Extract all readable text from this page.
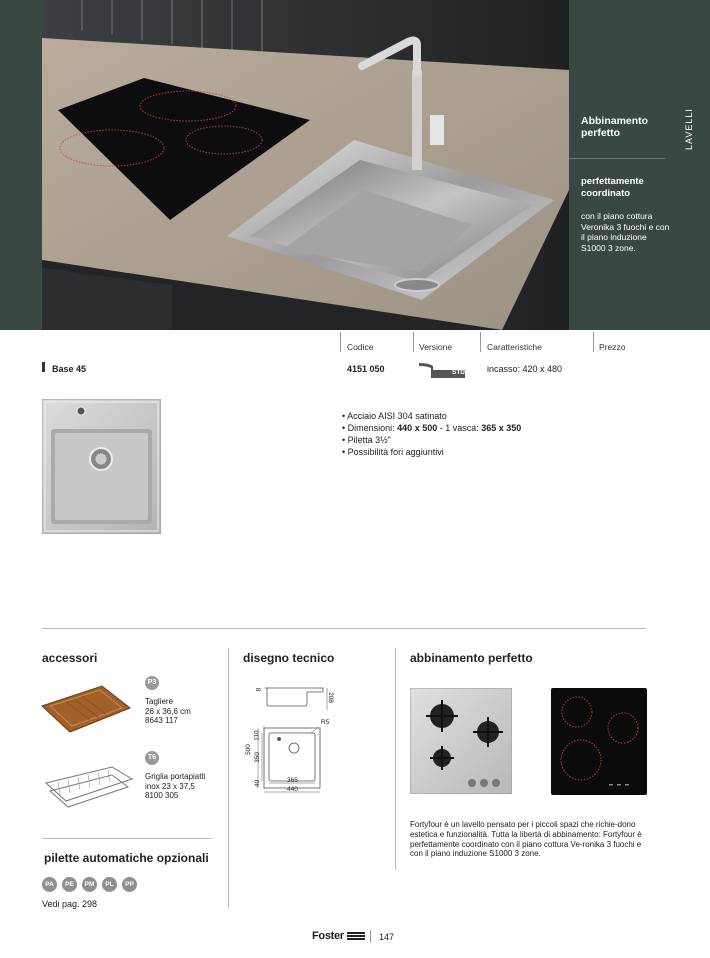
Abbinamento perfetto
perfettamente coordinato

con il piano cottura Veronika 3 fuochi e con il piano induzione S1000 3 zone.

LAVELLI
Codice	Versione	Caratteristiche	Prezzo
Base 45	4151 050	STD incasso: 420 x 480
• Acciaio AISI 304 satinato
• Dimensioni: 440 x 500 - 1 vasca: 365 x 350
• Piletta 3½"
• Possibilità fori aggiuntivi
accessori
P3
Tagliere
26 x 36,6 cm
8643 117
T6
Griglia portapiatti
inox 23 x 37,5
8100 305
pilette automatiche opzionali
PA	PE	PM	PL	PP
Vedi pag. 298
disegno tecnico
8
208
R5
500
350
110
40	365
440
abbinamento perfetto
Fortyfour è un lavello pensato per i piccoli spazi che richie-dono estetica e funzionalità. Tutta la libertà di abbinamento: Fortyfour è perfettamente coordinato con il piano cottura Ve-ronika 3 fuochi e con il piano induzione S1000 3 zone.
Foster	147
